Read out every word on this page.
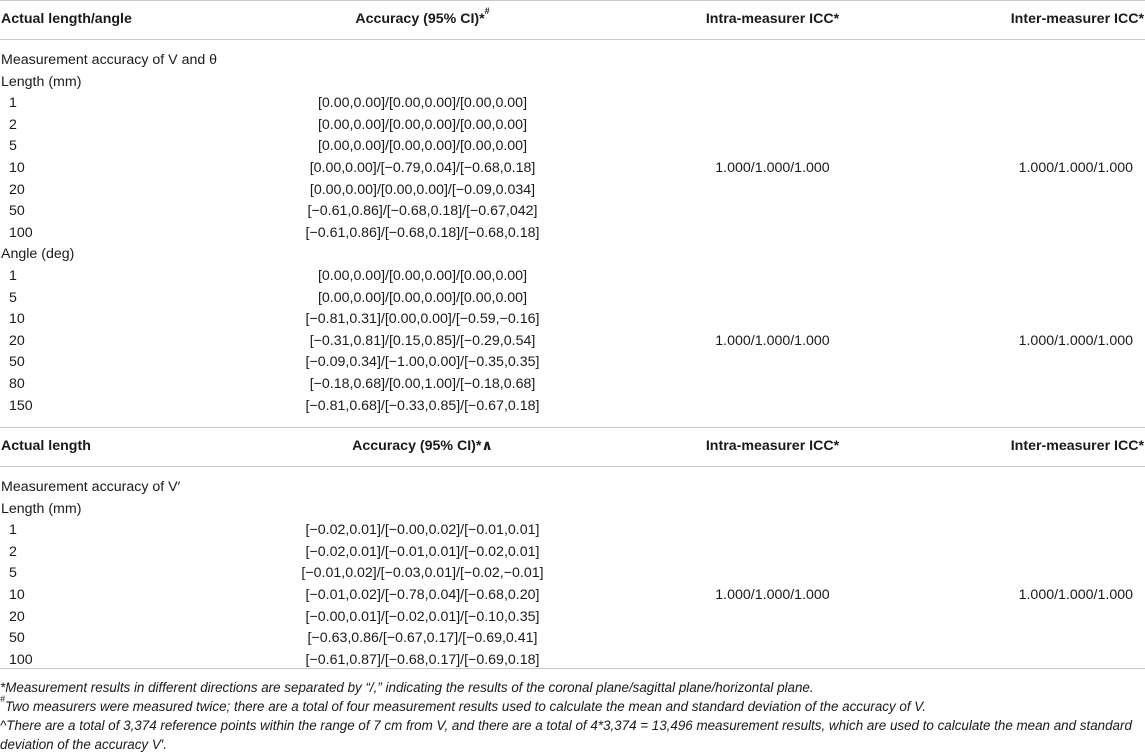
Actual length/angle	Accuracy (95% CI)*#	Intra-measurer ICC*	Inter-measurer ICC*

Measurement accuracy of V and θ			
Length (mm)			
1	[0.00,0.00]/[0.00,0.00]/[0.00,0.00]	1.000/1.000/1.000	1.000/1.000/1.000
2	[0.00,0.00]/[0.00,0.00]/[0.00,0.00]		
5	[0.00,0.00]/[0.00,0.00]/[0.00,0.00]		
10	[0.00,0.00]/[−0.79,0.04]/[−0.68,0.18]		
20	[0.00,0.00]/[0.00,0.00]/[−0.09,0.034]		
50	[−0.61,0.86]/[−0.68,0.18]/[−0.67,042]		
100	[−0.61,0.86]/[−0.68,0.18]/[−0.68,0.18]		
Angle (deg)			
1	[0.00,0.00]/[0.00,0.00]/[0.00,0.00]	1.000/1.000/1.000	1.000/1.000/1.000
5	[0.00,0.00]/[0.00,0.00]/[0.00,0.00]		
10	[−0.81,0.31]/[0.00,0.00]/[−0.59,−0.16]		
20	[−0.31,0.81]/[0.15,0.85]/[−0.29,0.54]		
50	[−0.09,0.34]/[−1.00,0.00]/[−0.35,0.35]		
80	[−0.18,0.68]/[0.00,1.00]/[−0.18,0.68]		
150	[−0.81,0.68]/[−0.33,0.85]/[−0.67,0.18]		

Actual length	Accuracy (95% CI)*∧	Intra-measurer ICC*	Inter-measurer ICC*

Measurement accuracy of V′			
Length (mm)			
1	[−0.02,0.01]/[−0.00,0.02]/[−0.01,0.01]	1.000/1.000/1.000	1.000/1.000/1.000
2	[−0.02,0.01]/[−0.01,0.01]/[−0.02,0.01]		
5	[−0.01,0.02]/[−0.03,0.01]/[−0.02,−0.01]		
10	[−0.01,0.02]/[−0.78,0.04]/[−0.68,0.20]		
20	[−0.00,0.01]/[−0.02,0.01]/[−0.10,0.35]		
50	[−0.63,0.86/[−0.67,0.17]/[−0.69,0.41]		
100	[−0.61,0.87]/[−0.68,0.17]/[−0.69,0.18]		

*Measurement results in different directions are separated by “/,” indicating the results of the coronal plane/sagittal plane/horizontal plane.

#Two measurers were measured twice; there are a total of four measurement results used to calculate the mean and standard deviation of the accuracy of V.

^There are a total of 3,374 reference points within the range of 7 cm from V, and there are a total of 4*3,374 = 13,496 measurement results, which are used to calculate the mean and standard deviation of the accuracy V′.
